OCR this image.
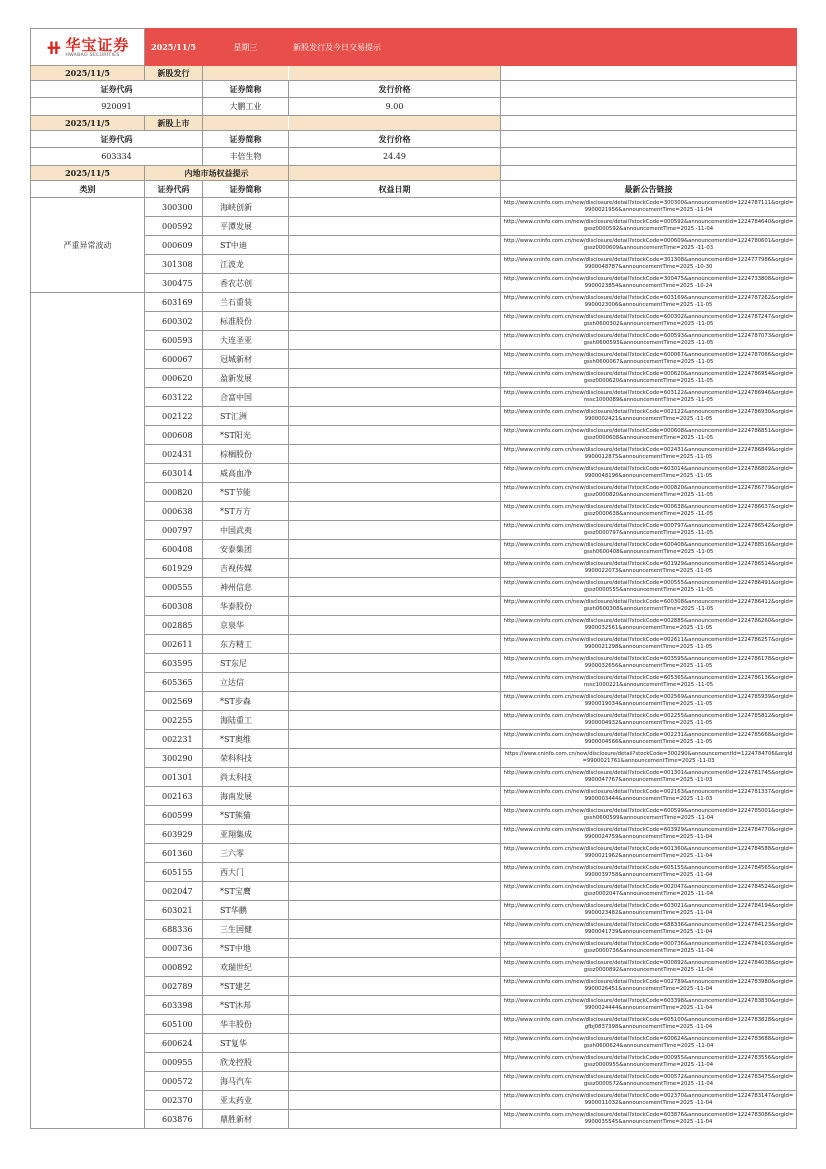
⧺ 华宝证券
HWABAO SECURITIES	2025/11/5	星期三	新股发行及今日交易提示	
2025/11/5	新股发行			
证券代码		证券简称	发行价格	
920091		大鹏工业	9.00	
2025/11/5	新股上市			
证券代码		证券简称	发行价格	
603334		丰倍生物	24.49	
2025/11/5	内地市场权益提示			
类别	证券代码	证券简称	权益日期	最新公告链接
严重异常波动	300300	海峡创新		http://www.cninfo.com.cn/new/disclosure/detail?stockCode=300300&announcementId=1224787111&orgId=9900021956&announcementTime=2025 -11-04
	000592	平潭发展		http://www.cninfo.com.cn/new/disclosure/detail?stockCode=000592&announcementId=1224784640&orgId=gssz0000592&announcementTime=2025 -11-04
	000609	ST中迪		http://www.cninfo.com.cn/new/disclosure/detail?stockCode=000609&announcementId=1224780601&orgId=gssz0000609&announcementTime=2025 -11-03
	301308	江波龙		http://www.cninfo.com.cn/new/disclosure/detail?stockCode=301308&announcementId=1224777986&orgId=9900048787&announcementTime=2025 -10-30
	300475	香农芯创		http://www.cninfo.com.cn/new/disclosure/detail?stockCode=300475&announcementId=1224733808&orgId=9900023854&announcementTime=2025 -10-24
	603169	兰石重装		http://www.cninfo.com.cn/new/disclosure/detail?stockCode=603169&announcementId=1224787262&orgId=9900023006&announcementTime=2025 -11-05
	600302	标准股份		http://www.cninfo.com.cn/new/disclosure/detail?stockCode=600302&announcementId=1224787247&orgId=gssh0600302&announcementTime=2025 -11-05
	600593	大连圣亚		http://www.cninfo.com.cn/new/disclosure/detail?stockCode=600593&announcementId=1224787073&orgId=gssh0600593&announcementTime=2025 -11-05
	600067	冠城新材		http://www.cninfo.com.cn/new/disclosure/detail?stockCode=600067&announcementId=1224787066&orgId=gssh0600067&announcementTime=2025 -11-05
	000620	盈新发展		http://www.cninfo.com.cn/new/disclosure/detail?stockCode=000620&announcementId=1224786954&orgId=gssz0000620&announcementTime=2025 -11-05
	603122	合富中国		http://www.cninfo.com.cn/new/disclosure/detail?stockCode=603122&announcementId=1224786946&orgId=nssc1000089&announcementTime=2025 -11-05
	002122	ST汇洲		http://www.cninfo.com.cn/new/disclosure/detail?stockCode=002122&announcementId=1224786930&orgId=9900002421&announcementTime=2025 -11-05
	000608	*ST阳光		http://www.cninfo.com.cn/new/disclosure/detail?stockCode=000608&announcementId=1224786851&orgId=gssz0000608&announcementTime=2025 -11-05
	002431	棕榈股份		http://www.cninfo.com.cn/new/disclosure/detail?stockCode=002431&announcementId=1224786849&orgId=9900012875&announcementTime=2025 -11-05
	603014	威高血净		http://www.cninfo.com.cn/new/disclosure/detail?stockCode=603014&announcementId=1224786802&orgId=9900048196&announcementTime=2025 -11-05
	000820	*ST节能		http://www.cninfo.com.cn/new/disclosure/detail?stockCode=000820&announcementId=1224786779&orgId=gssz0000820&announcementTime=2025 -11-05
	000638	*ST万方		http://www.cninfo.com.cn/new/disclosure/detail?stockCode=000638&announcementId=1224786637&orgId=gssz0000638&announcementTime=2025 -11-05
	000797	中国武夷		http://www.cninfo.com.cn/new/disclosure/detail?stockCode=000797&announcementId=1224786542&orgId=gssz0000797&announcementTime=2025 -11-05
	600408	安泰集团		http://www.cninfo.com.cn/new/disclosure/detail?stockCode=600408&announcementId=1224788516&orgId=gssh0600408&announcementTime=2025 -11-05
	601929	吉视传媒		http://www.cninfo.com.cn/new/disclosure/detail?stockCode=601929&announcementId=1224786514&orgId=9900022073&announcementTime=2025 -11-05
	000555	神州信息		http://www.cninfo.com.cn/new/disclosure/detail?stockCode=000555&announcementId=1224786491&orgId=gssz0000555&announcementTime=2025 -11-05
	600308	华泰股份		http://www.cninfo.com.cn/new/disclosure/detail?stockCode=600308&announcementId=1224786412&orgId=gssh0600308&announcementTime=2025 -11-05
	002885	京泉华		http://www.cninfo.com.cn/new/disclosure/detail?stockCode=002885&announcementId=1224786260&orgId=9900032561&announcementTime=2025 -11-05
	002611	东方精工		http://www.cninfo.com.cn/new/disclosure/detail?stockCode=002611&announcementId=1224786257&orgId=9900021298&announcementTime=2025 -11-05
	603595	ST东尼		http://www.cninfo.com.cn/new/disclosure/detail?stockCode=603595&announcementId=1224786178&orgId=9900032656&announcementTime=2025 -11-05
	605365	立达信		http://www.cninfo.com.cn/new/disclosure/detail?stockCode=605365&announcementId=1224786136&orgId=nssc1000221&announcementTime=2025 -11-05
	002569	*ST步森		http://www.cninfo.com.cn/new/disclosure/detail?stockCode=002569&announcementId=1224785939&orgId=9900019034&announcementTime=2025 -11-05
	002255	海陆重工		http://www.cninfo.com.cn/new/disclosure/detail?stockCode=002255&announcementId=1224785812&orgId=9900004932&announcementTime=2025 -11-05
	002231	*ST奥维		http://www.cninfo.com.cn/new/disclosure/detail?stockCode=002231&announcementId=1224785668&orgId=9900004566&announcementTime=2025 -11-05
	300290	荣科科技		https://www.cninfo.com.cn/new/disclosure/detail?stockCode=300290&announcementId=1224784706&orgId=9900021761&announcementTime=2025 -11-03
	001301	尚太科技		http://www.cninfo.com.cn/new/disclosure/detail?stockCode=001301&announcementId=1224781745&orgId=9900047767&announcementTime=2025 -11-03
	002163	海南发展		http://www.cninfo.com.cn/new/disclosure/detail?stockCode=002163&announcementId=1224781337&orgId=9900003444&announcementTime=2025 -11-03
	600599	*ST熊猫		http://www.cninfo.com.cn/new/disclosure/detail?stockCode=600599&announcementId=1224785001&orgId=gssh0600599&announcementTime=2025 -11-04
	603929	亚翔集成		http://www.cninfo.com.cn/new/disclosure/detail?stockCode=603929&announcementId=1224784770&orgId=9900024759&announcementTime=2025 -11-04
	601360	三六零		http://www.cninfo.com.cn/new/disclosure/detail?stockCode=601360&announcementId=1224784588&orgId=9900021962&announcementTime=2025 -11-04
	605155	西大门		http://www.cninfo.com.cn/new/disclosure/detail?stockCode=605155&announcementId=1224784565&orgId=9900039758&announcementTime=2025 -11-04
	002047	*ST宝鹰		http://www.cninfo.com.cn/new/disclosure/detail?stockCode=002047&announcementId=1224784524&orgId=gssz0002047&announcementTime=2025 -11-04
	603021	ST华鹏		http://www.cninfo.com.cn/new/disclosure/detail?stockCode=603021&announcementId=1224784194&orgId=9900023482&announcementTime=2025 -11-04
	688336	三生国健		http://www.cninfo.com.cn/new/disclosure/detail?stockCode=688336&announcementId=1224784123&orgId=9900041739&announcementTime=2025 -11-04
	000736	*ST中地		http://www.cninfo.com.cn/new/disclosure/detail?stockCode=000736&announcementId=1224784103&orgId=gssz0000736&announcementTime=2025 -11-04
	000892	欢瑞世纪		http://www.cninfo.com.cn/new/disclosure/detail?stockCode=000892&announcementId=1224784038&orgId=gssz0000892&announcementTime=2025 -11-04
	002789	*ST建艺		http://www.cninfo.com.cn/new/disclosure/detail?stockCode=002789&announcementId=1224783980&orgId=9900026451&announcementTime=2025 -11-04
	603398	*ST沐邦		http://www.cninfo.com.cn/new/disclosure/detail?stockCode=603398&announcementId=1224783830&orgId=9900024444&announcementTime=2025 -11-04
	605100	华丰股份		http://www.cninfo.com.cn/new/disclosure/detail?stockCode=605100&announcementId=1224783828&orgId=gfbj0837398&announcementTime=2025 -11-04
	600624	ST复华		http://www.cninfo.com.cn/new/disclosure/detail?stockCode=600624&announcementId=1224783688&orgId=gssh0600624&announcementTime=2025 -11-04
	000955	欣龙控股		http://www.cninfo.com.cn/new/disclosure/detail?stockCode=000955&announcementId=1224783556&orgId=gssz0000955&announcementTime=2025 -11-04
	000572	海马汽车		http://www.cninfo.com.cn/new/disclosure/detail?stockCode=000572&announcementId=1224783475&orgId=gssz0000572&announcementTime=2025 -11-04
	002370	亚太药业		http://www.cninfo.com.cn/new/disclosure/detail?stockCode=002370&announcementId=1224783147&orgId=9900011032&announcementTime=2025 -11-04
	603876	鼎胜新材		http://www.cninfo.com.cn/new/disclosure/detail?stockCode=603876&announcementId=1224783086&orgId=9900035545&announcementTime=2025 -11-04
